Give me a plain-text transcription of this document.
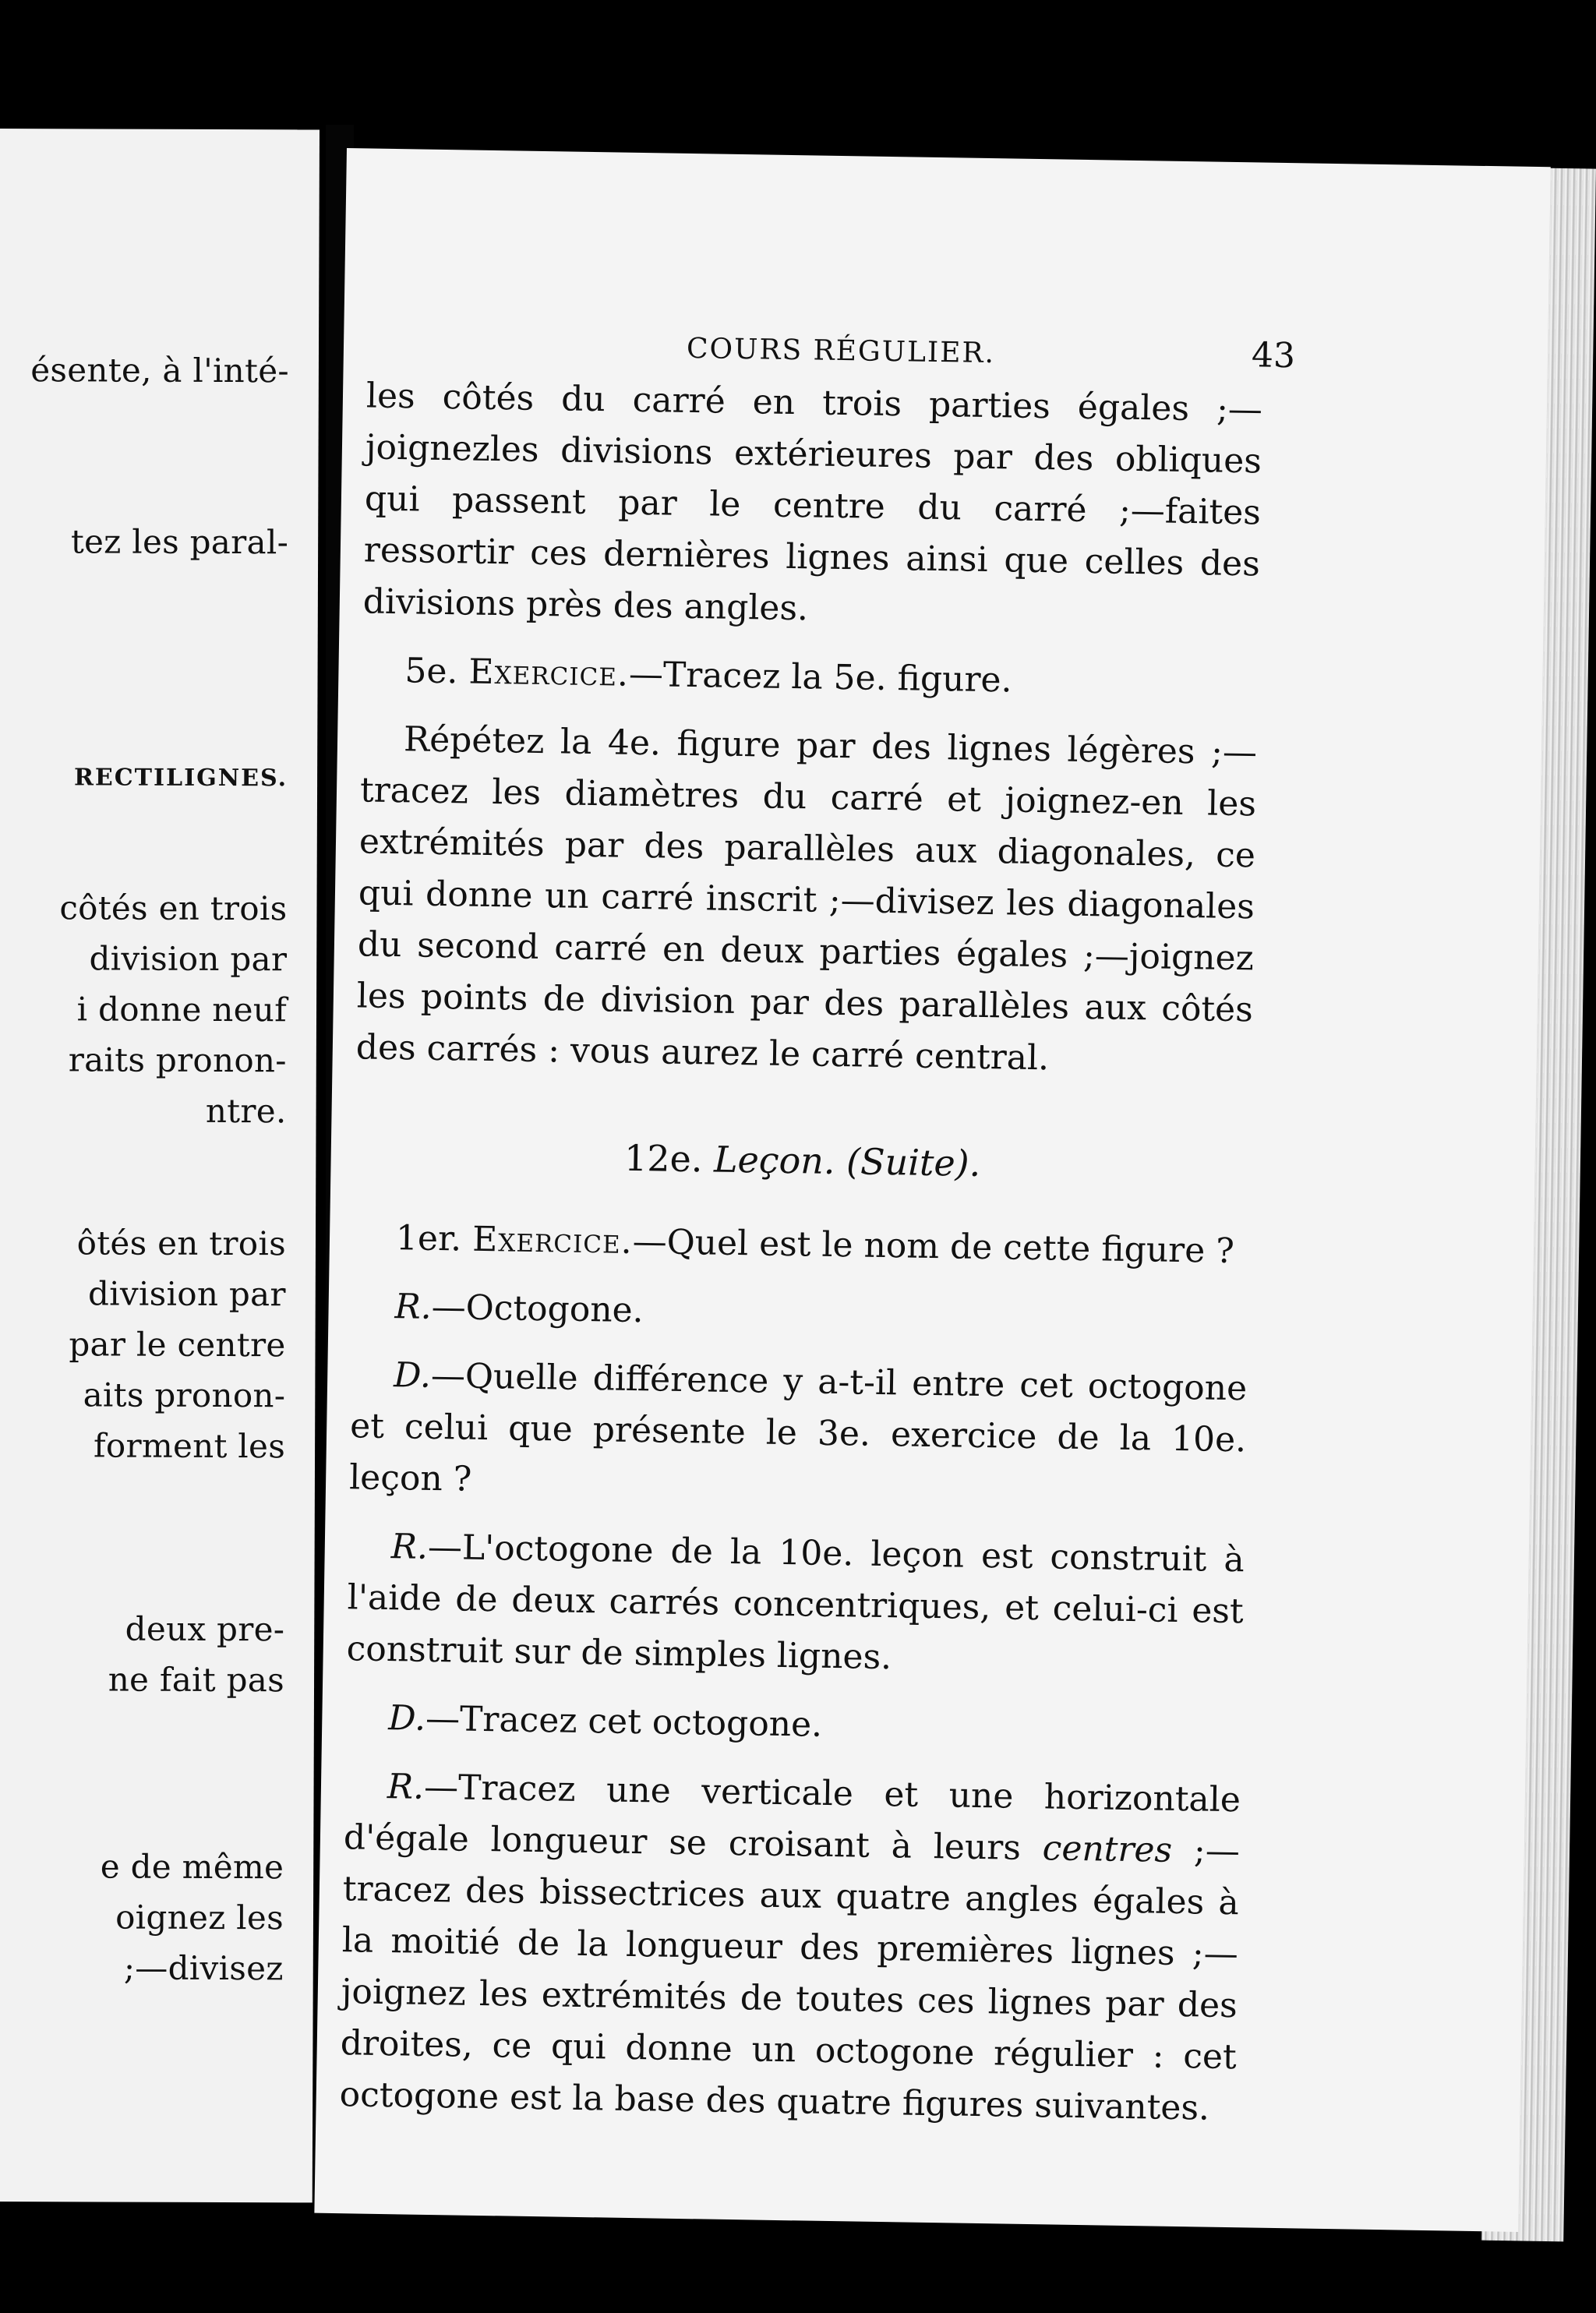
ésente, à l'inté-
tez les paral-
RECTILIGNES.
côtés en trois
division par
i donne neuf
raits pronon-
ntre.
ôtés en trois
division par
par le centre
aits pronon-
forment les
deux pre-
ne fait pas
e de même
oignez les
;—divisez
COURS RÉGULIER.	43

les côtés du carré en trois parties égales ;—joignezles divisions extérieures par des obliques qui passent par le centre du carré ;—faites ressortir ces dernières lignes ainsi que celles des divisions près des angles.

5e. Exercice.—Tracez la 5e. figure.

Répétez la 4e. figure par des lignes légères ;—tracez les diamètres du carré et joignez-en les extrémités par des parallèles aux diagonales, ce qui donne un carré inscrit ;—divisez les diagonales du second carré en deux parties égales ;—joignez les points de division par des parallèles aux côtés des carrés : vous aurez le carré central.

12e. Leçon. (Suite).

1er. Exercice.—Quel est le nom de cette figure ?

R.—Octogone.

D.—Quelle différence y a-t-il entre cet octogone et celui que présente le 3e. exercice de la 10e. leçon ?

R.—L'octogone de la 10e. leçon est construit à l'aide de deux carrés concentriques, et celui-ci est construit sur de simples lignes.

D.—Tracez cet octogone.

R.—Tracez une verticale et une horizontale d'égale longueur se croisant à leurs centres ;—tracez des bissectrices aux quatre angles égales à la moitié de la longueur des premières lignes ;—joignez les extrémités de toutes ces lignes par des droites, ce qui donne un octogone régulier : cet octogone est la base des quatre figures suivantes.
